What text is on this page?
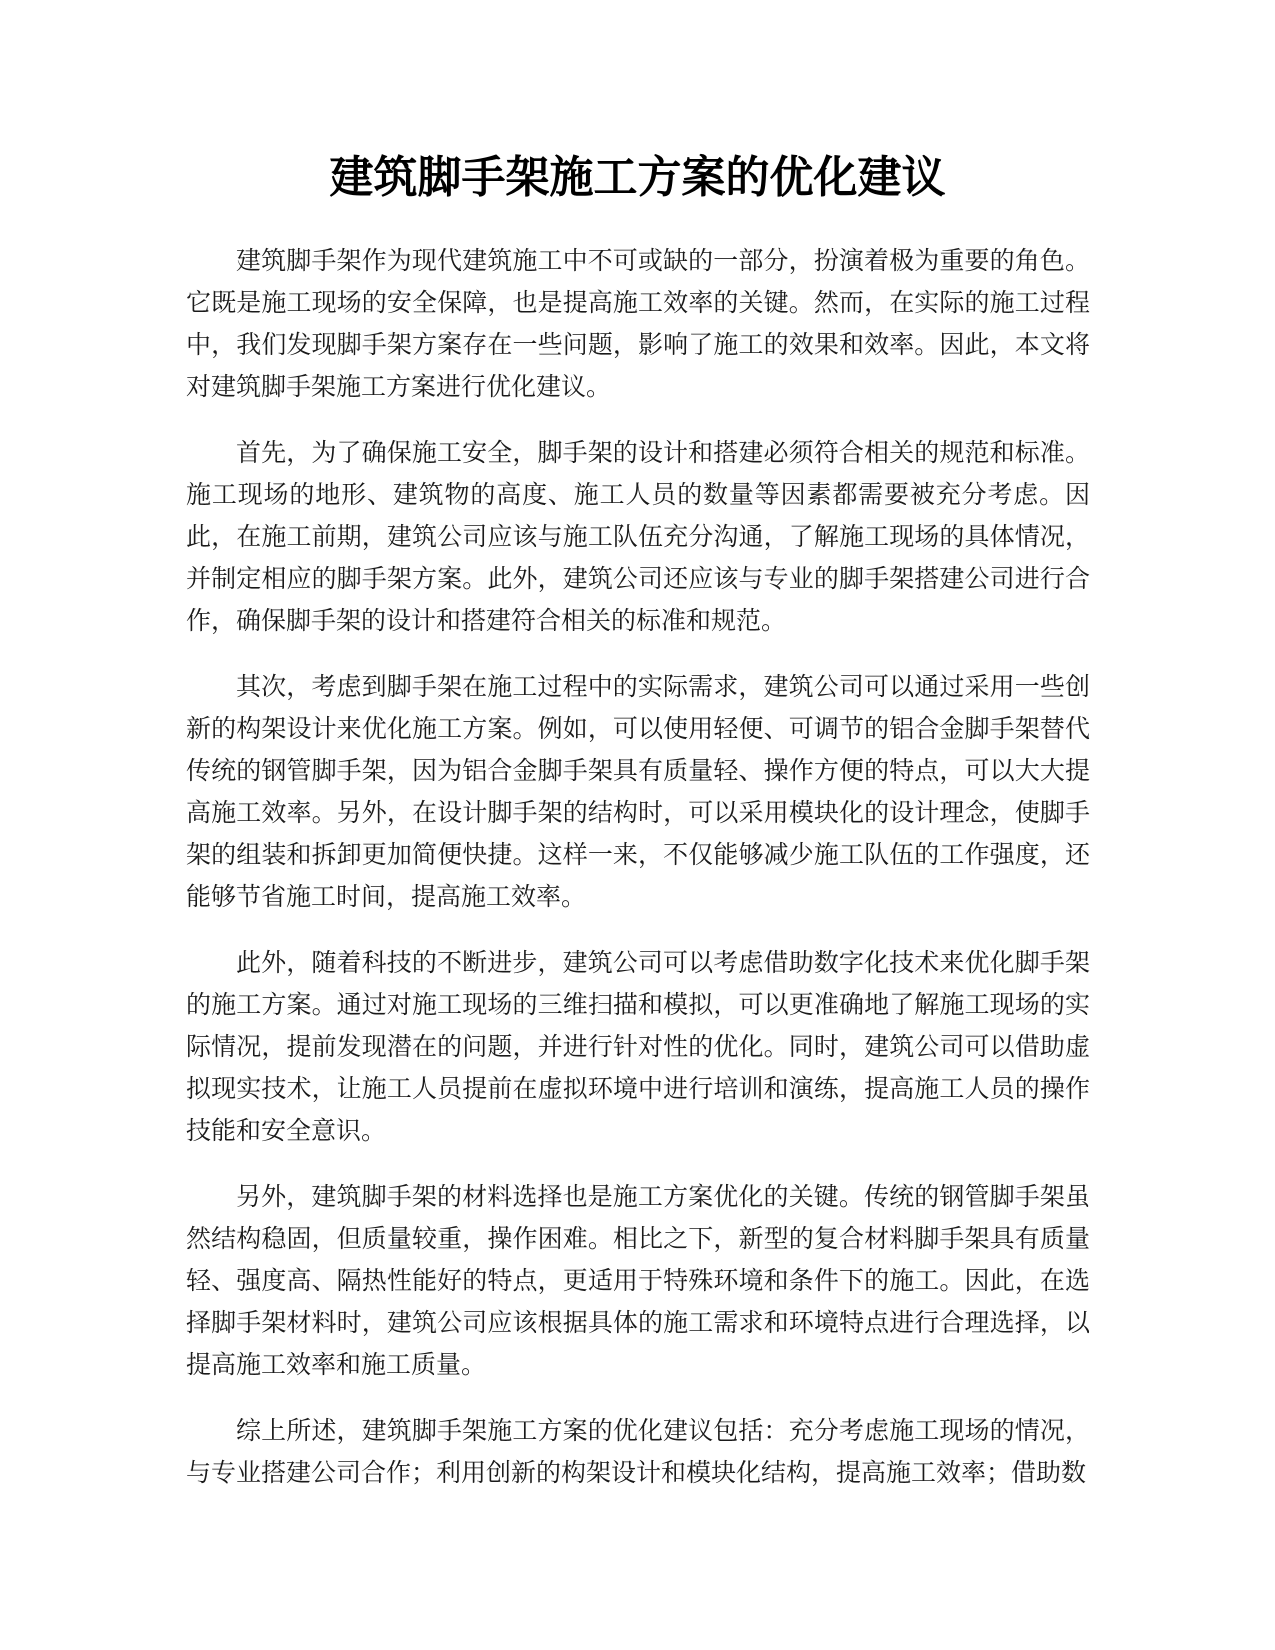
建筑脚手架施工方案的优化建议

建筑脚手架作为现代建筑施工中不可或缺的一部分，扮演着极为重要的角色。它既是施工现场的安全保障，也是提高施工效率的关键。然而，在实际的施工过程中，我们发现脚手架方案存在一些问题，影响了施工的效果和效率。因此，本文将对建筑脚手架施工方案进行优化建议。

首先，为了确保施工安全，脚手架的设计和搭建必须符合相关的规范和标准。施工现场的地形、建筑物的高度、施工人员的数量等因素都需要被充分考虑。因此，在施工前期，建筑公司应该与施工队伍充分沟通，了解施工现场的具体情况，并制定相应的脚手架方案。此外，建筑公司还应该与专业的脚手架搭建公司进行合作，确保脚手架的设计和搭建符合相关的标准和规范。

其次，考虑到脚手架在施工过程中的实际需求，建筑公司可以通过采用一些创新的构架设计来优化施工方案。例如，可以使用轻便、可调节的铝合金脚手架替代传统的钢管脚手架，因为铝合金脚手架具有质量轻、操作方便的特点，可以大大提高施工效率。另外，在设计脚手架的结构时，可以采用模块化的设计理念，使脚手架的组装和拆卸更加简便快捷。这样一来，不仅能够减少施工队伍的工作强度，还能够节省施工时间，提高施工效率。

此外，随着科技的不断进步，建筑公司可以考虑借助数字化技术来优化脚手架的施工方案。通过对施工现场的三维扫描和模拟，可以更准确地了解施工现场的实际情况，提前发现潜在的问题，并进行针对性的优化。同时，建筑公司可以借助虚拟现实技术，让施工人员提前在虚拟环境中进行培训和演练，提高施工人员的操作技能和安全意识。

另外，建筑脚手架的材料选择也是施工方案优化的关键。传统的钢管脚手架虽然结构稳固，但质量较重，操作困难。相比之下，新型的复合材料脚手架具有质量轻、强度高、隔热性能好的特点，更适用于特殊环境和条件下的施工。因此，在选择脚手架材料时，建筑公司应该根据具体的施工需求和环境特点进行合理选择，以提高施工效率和施工质量。

综上所述，建筑脚手架施工方案的优化建议包括：充分考虑施工现场的情况，与专业搭建公司合作；利用创新的构架设计和模块化结构，提高施工效率；借助数
